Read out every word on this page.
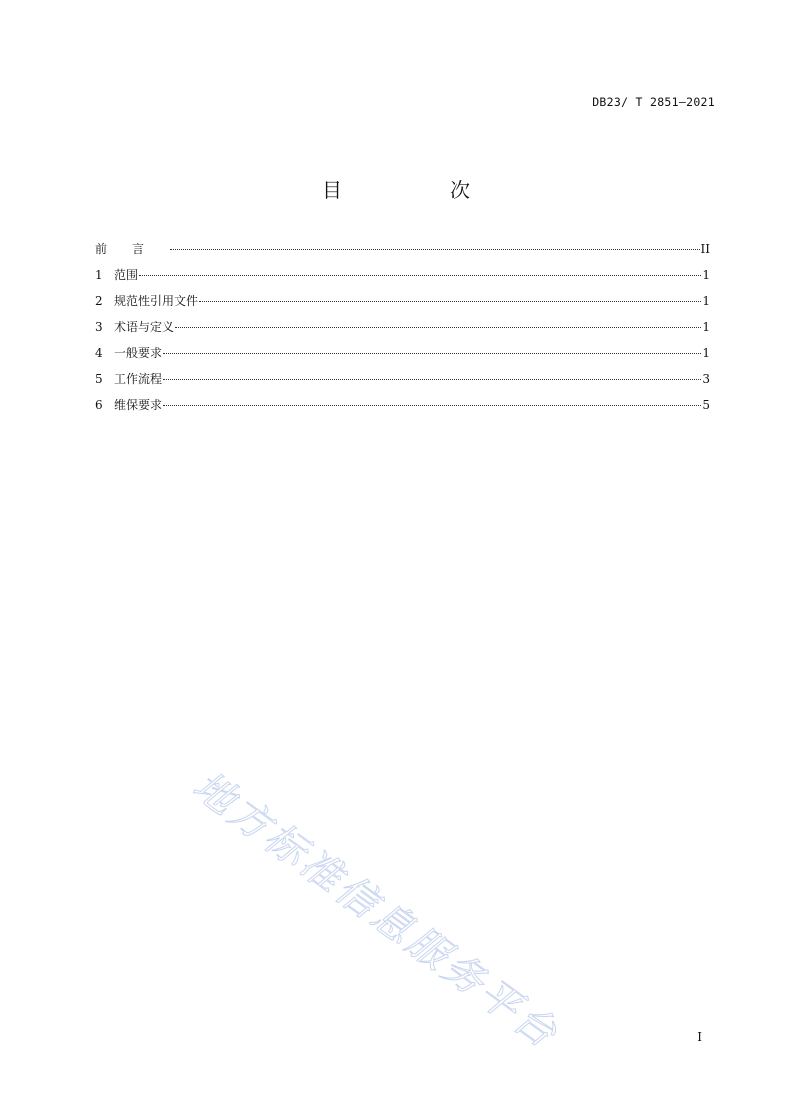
DB23/ T 2851—2021
目　次
前言	II
1 范围	1
2 规范性引用文件	1
3 术语与定义	1
4 一般要求	1
5 工作流程	3
6 维保要求	5
地方标准信息服务平台	I
